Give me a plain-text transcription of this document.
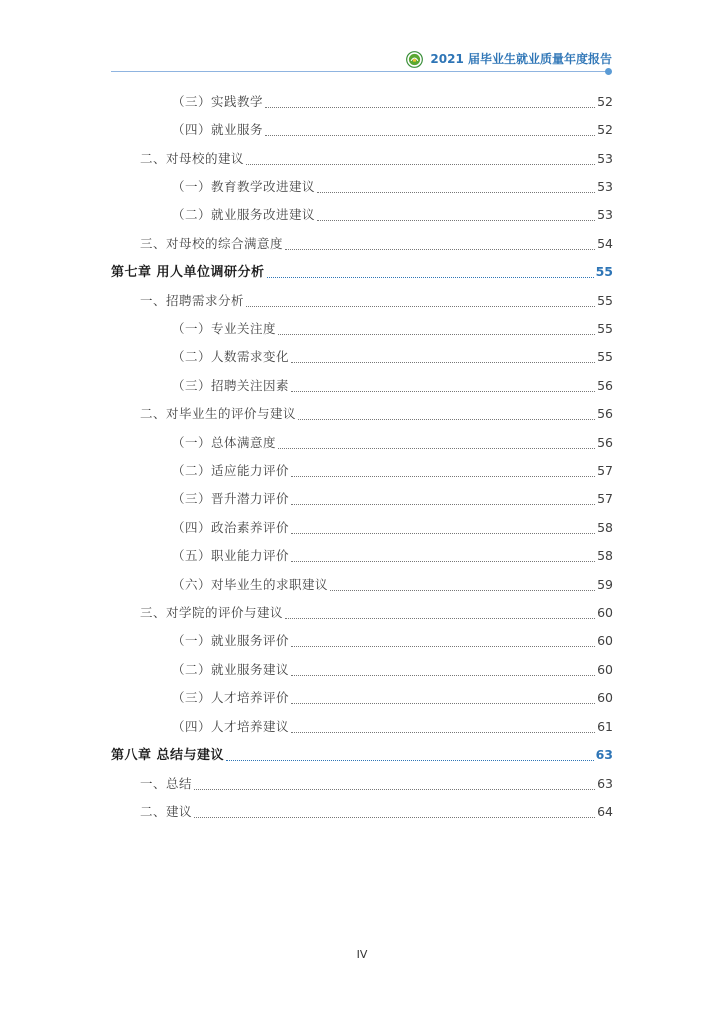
2021 届毕业生就业质量年度报告
（三）实践教学	52
（四）就业服务	52
二、对母校的建议	53
（一）教育教学改进建议	53
（二）就业服务改进建议	53
三、对母校的综合满意度	54
第七章 用人单位调研分析	55
一、招聘需求分析	55
（一）专业关注度	55
（二）人数需求变化	55
（三）招聘关注因素	56
二、对毕业生的评价与建议	56
（一）总体满意度	56
（二）适应能力评价	57
（三）晋升潜力评价	57
（四）政治素养评价	58
（五）职业能力评价	58
（六）对毕业生的求职建议	59
三、对学院的评价与建议	60
（一）就业服务评价	60
（二）就业服务建议	60
（三）人才培养评价	60
（四）人才培养建议	61
第八章 总结与建议	63
一、总结	63
二、建议	64
IV
